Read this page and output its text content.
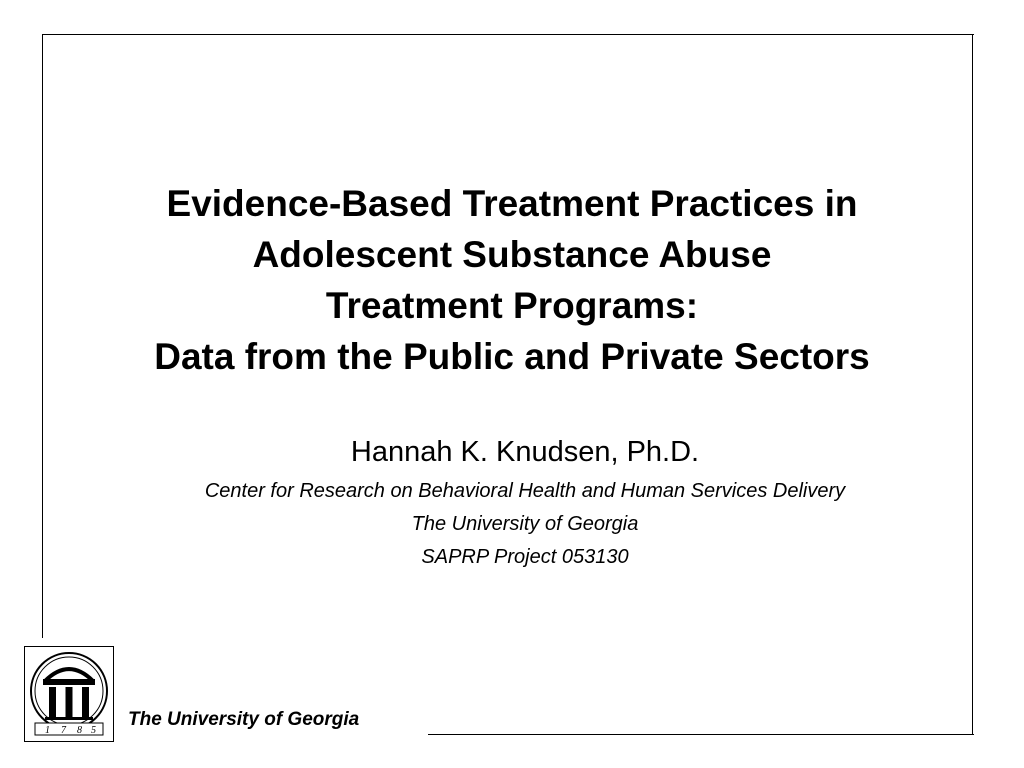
Evidence-Based Treatment Practices in
Adolescent Substance Abuse
Treatment Programs:
Data from the Public and Private Sectors
Hannah K. Knudsen, Ph.D.
Center for Research on Behavioral Health and Human Services Delivery
The University of Georgia
SAPRP Project 053130
1 7 8 5
The University of Georgia
